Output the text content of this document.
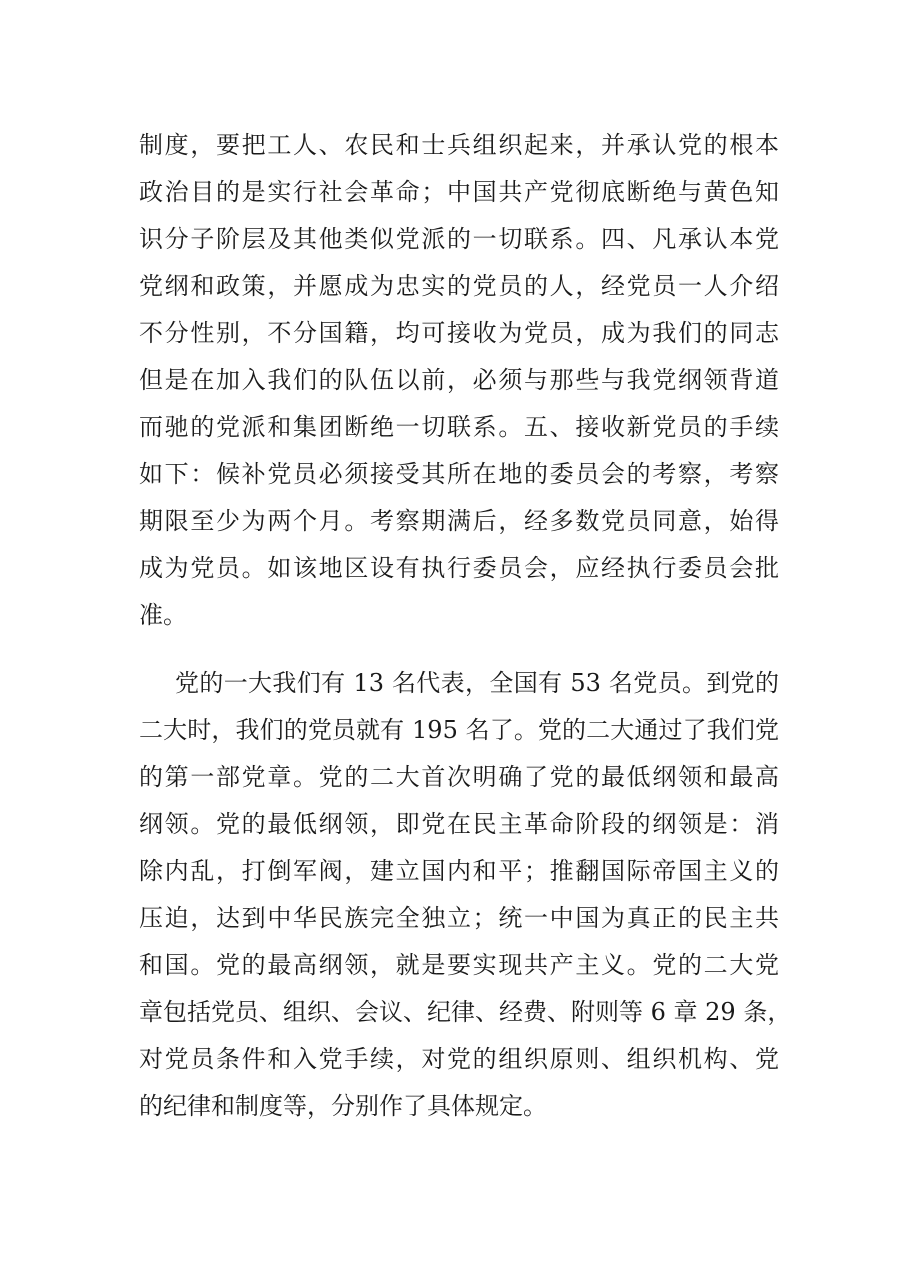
制度，要把工人、农民和士兵组织起来，并承认党的根本
政治目的是实行社会革命；中国共产党彻底断绝与黄色知
识分子阶层及其他类似党派的一切联系。四、凡承认本党
党纲和政策，并愿成为忠实的党员的人，经党员一人介绍
不分性别，不分国籍，均可接收为党员，成为我们的同志
但是在加入我们的队伍以前，必须与那些与我党纲领背道
而驰的党派和集团断绝一切联系。五、接收新党员的手续
如下：候补党员必须接受其所在地的委员会的考察，考察
期限至少为两个月。考察期满后，经多数党员同意，始得
成为党员。如该地区设有执行委员会，应经执行委员会批
准。

党的一大我们有 13 名代表，全国有 53 名党员。到党的
二大时，我们的党员就有 195 名了。党的二大通过了我们党
的第一部党章。党的二大首次明确了党的最低纲领和最高
纲领。党的最低纲领，即党在民主革命阶段的纲领是：消
除内乱，打倒军阀，建立国内和平；推翻国际帝国主义的
压迫，达到中华民族完全独立；统一中国为真正的民主共
和国。党的最高纲领，就是要实现共产主义。党的二大党
章包括党员、组织、会议、纪律、经费、附则等 6 章 29 条，
对党员条件和入党手续，对党的组织原则、组织机构、党
的纪律和制度等，分别作了具体规定。
